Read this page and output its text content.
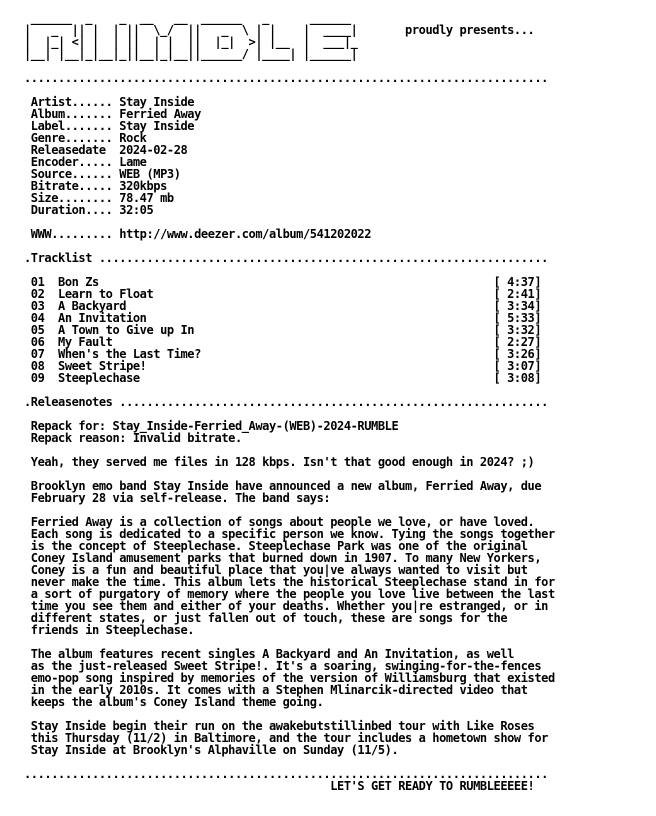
______  _    _  __   __  ______   _      ______
|   _  || |  | ||  \_/  ||   _  \ | |    |  ____|       proudly presents...
|  |_| <| |  | ||  | |  ||  |_|  >| |__  |  ___|_
|__| |__|_|__|_||__|_|__||______/ |____| |______|

.............................................................................

Artist...... Stay Inside
Album....... Ferried Away
Label....... Stay Inside
Genre....... Rock
Releasedate  2024-02-28
Encoder..... Lame
Source...... WEB (MP3)
Bitrate..... 320kbps
Size........ 78.47 mb
Duration.... 32:05

WWW......... http://www.deezer.com/album/541202022

.Tracklist ..................................................................

01  Bon Zs                                                          [ 4:37]
02  Learn to Float                                                  [ 2:41]
03  A Backyard                                                      [ 3:34]
04  An Invitation                                                   [ 5:33]
05  A Town to Give up In                                            [ 3:32]
06  My Fault                                                        [ 2:27]
07  When's the Last Time?                                           [ 3:26]
08  Sweet Stripe!                                                   [ 3:07]
09  Steeplechase                                                    [ 3:08]

.Releasenotes ...............................................................

Repack for: Stay_Inside-Ferried_Away-(WEB)-2024-RUMBLE
Repack reason: Invalid bitrate.

Yeah, they served me files in 128 kbps. Isn't that good enough in 2024? ;)

Brooklyn emo band Stay Inside have announced a new album, Ferried Away, due
February 28 via self-release. The band says:

Ferried Away is a collection of songs about people we love, or have loved.
Each song is dedicated to a specific person we know. Tying the songs together
is the concept of Steeplechase. Steeplechase Park was one of the original
Coney Island amusement parks that burned down in 1907. To many New Yorkers,
Coney is a fun and beautiful place that you|ve always wanted to visit but
never make the time. This album lets the historical Steeplechase stand in for
a sort of purgatory of memory where the people you love live between the last
time you see them and either of your deaths. Whether you|re estranged, or in
different states, or just fallen out of touch, these are songs for the
friends in Steeplechase.

The album features recent singles A Backyard and An Invitation, as well
as the just-released Sweet Stripe!. It's a soaring, swinging-for-the-fences
emo-pop song inspired by memories of the version of Williamsburg that existed
in the early 2010s. It comes with a Stephen Mlinarcik-directed video that
keeps the album's Coney Island theme going.

Stay Inside begin their run on the awakebutstillinbed tour with Like Roses
this Thursday (11/2) in Baltimore, and the tour includes a hometown show for
Stay Inside at Brooklyn's Alphaville on Sunday (11/5).

.............................................................................
LET'S GET READY TO RUMBLEEEEE!
